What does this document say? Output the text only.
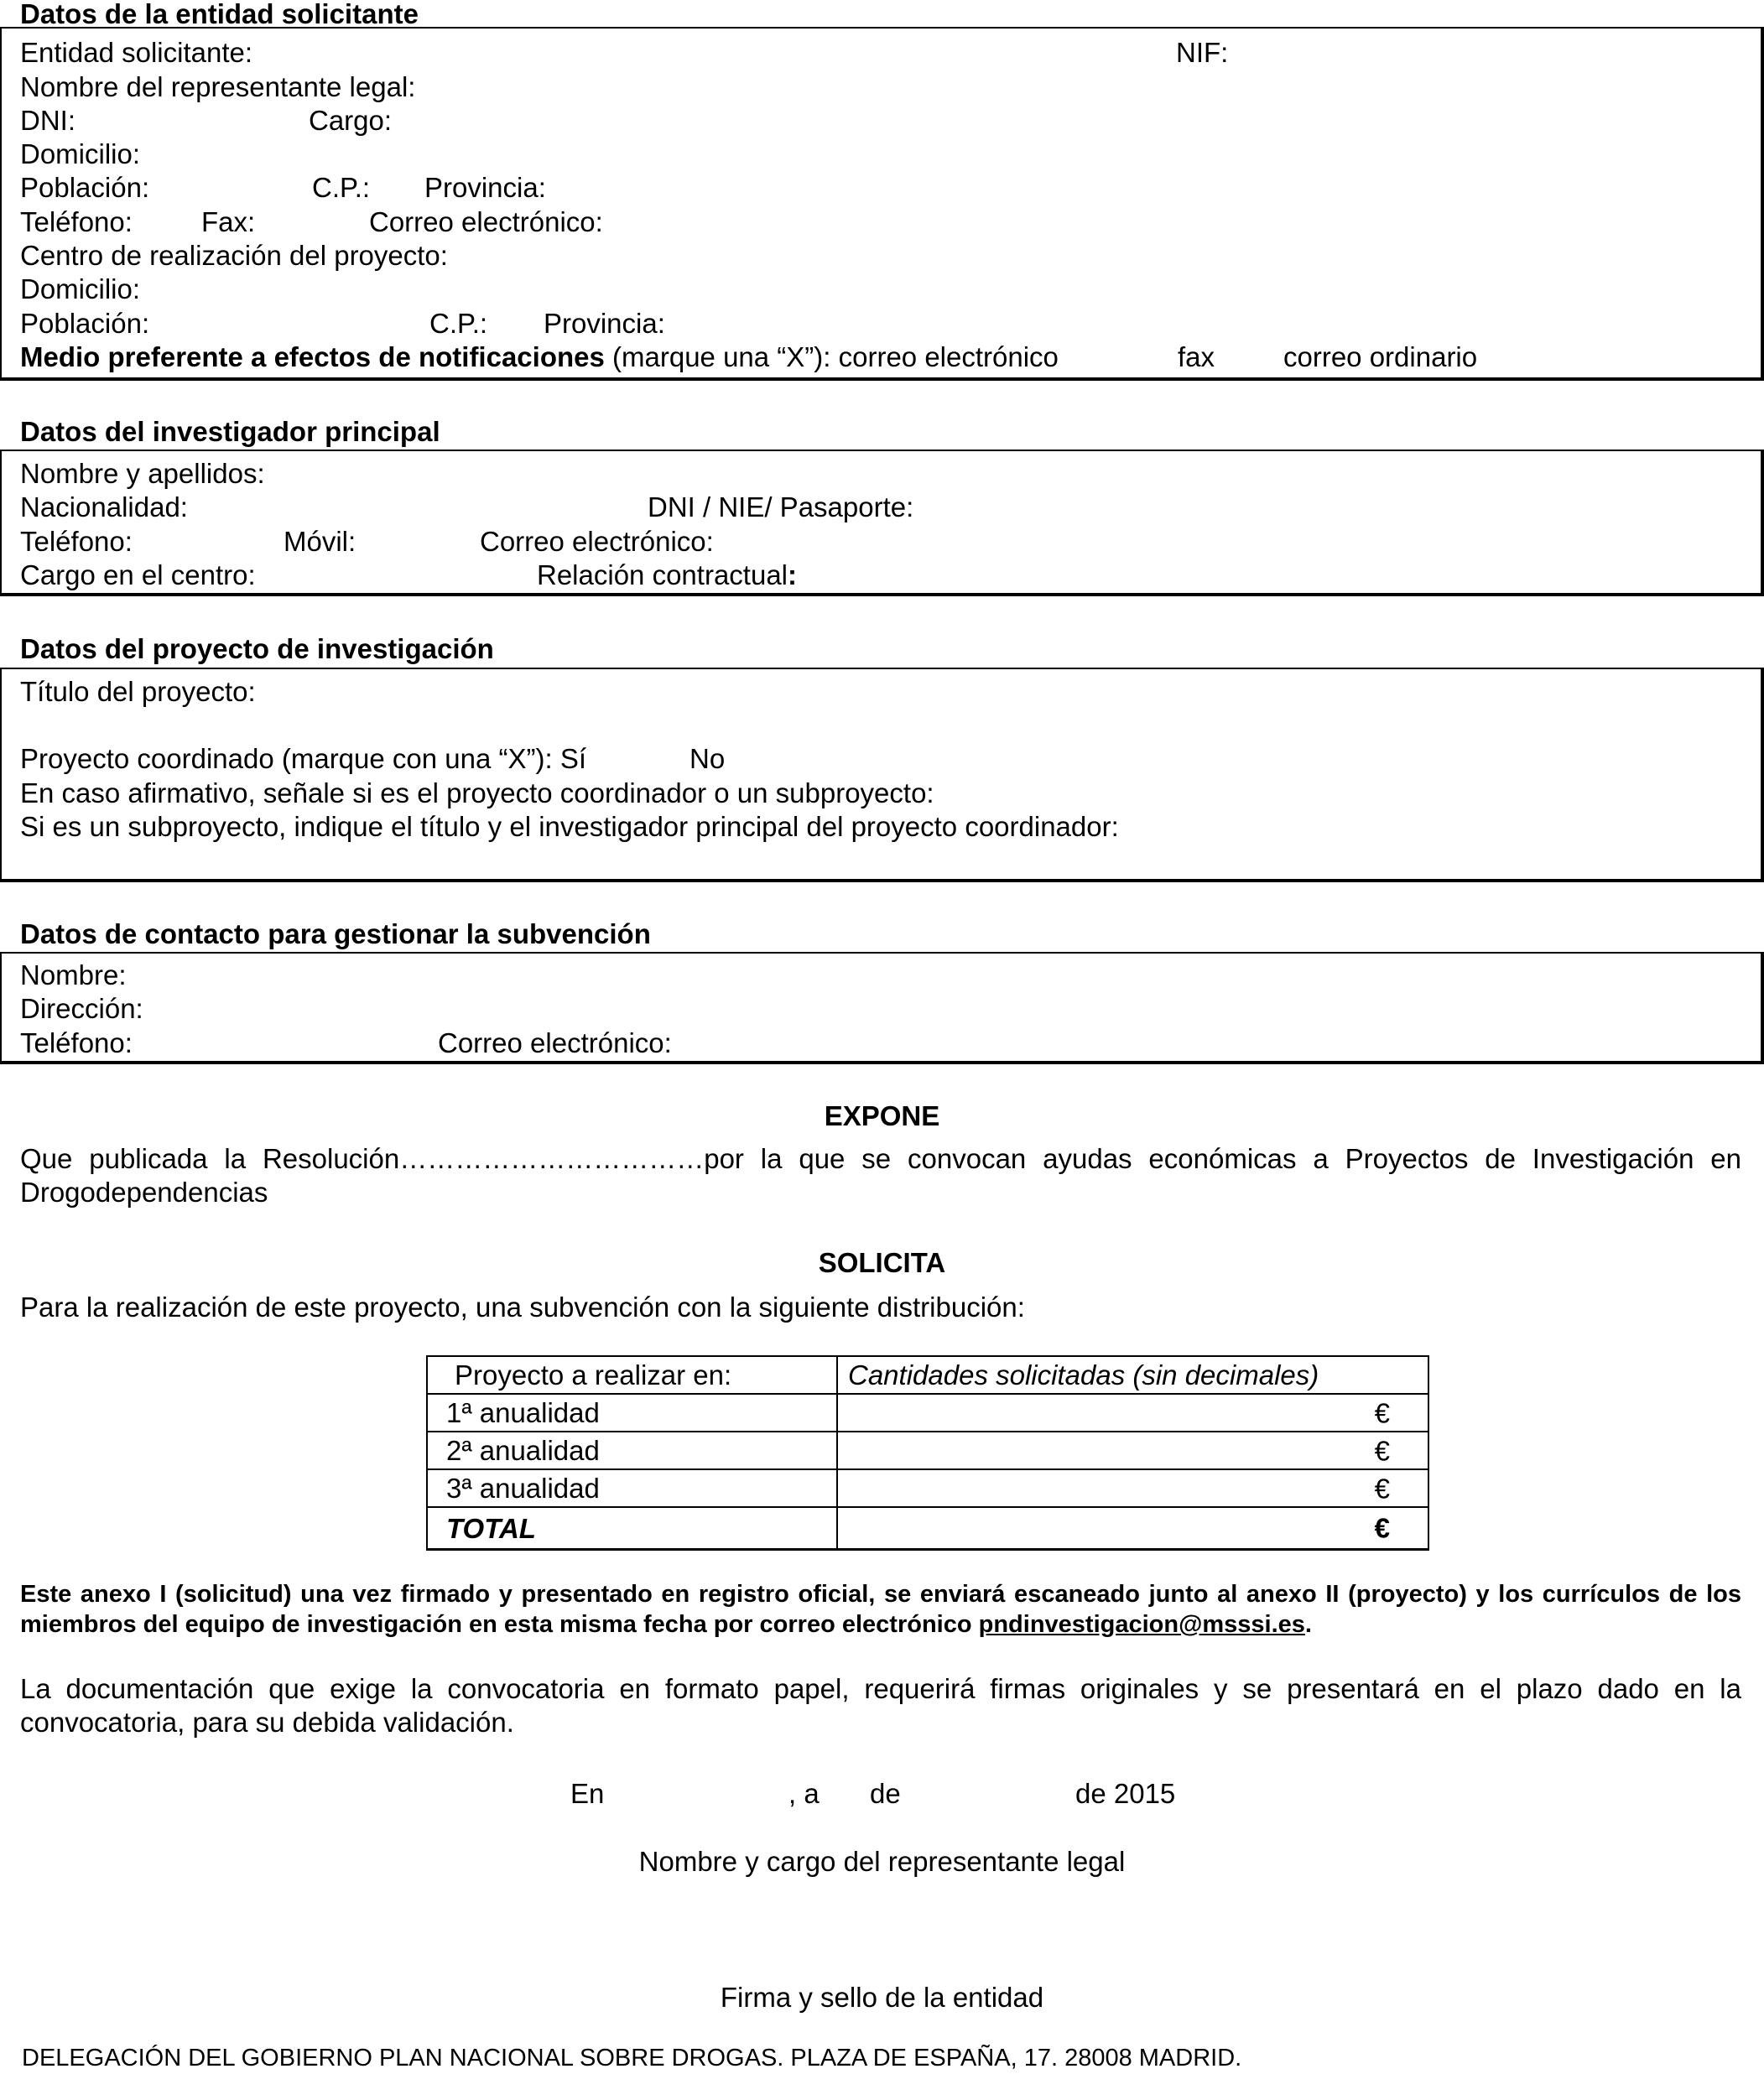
Datos de la entidad solicitante
Entidad solicitante:	NIF:
Nombre del representante legal:
DNI:	Cargo:
Domicilio:
Población:	C.P.: Provincia:
Teléfono: Fax:	Correo electrónico:
Centro de realización del proyecto:
Domicilio:
Población:	C.P.: Provincia:
Medio preferente a efectos de notificaciones (marque una “X”): correo electrónico	fax correo ordinario
Datos del investigador principal
Nombre y apellidos:
Nacionalidad:	DNI / NIE/ Pasaporte:
Teléfono:	Móvil:	Correo electrónico:
Cargo en el centro:	Relación contractual:
Datos del proyecto de investigación
Título del proyecto:
Proyecto coordinado (marque con una “X”): Sí	No
En caso afirmativo, señale si es el proyecto coordinador o un subproyecto:
Si es un subproyecto, indique el título y el investigador principal del proyecto coordinador:
Datos de contacto para gestionar la subvención
Nombre:
Dirección:
Teléfono:	Correo electrónico:
EXPONE
Que publicada la Resolución……………………………por la que se convocan ayudas económicas a Proyectos de Investigación en Drogodependencias
SOLICITA
Para la realización de este proyecto, una subvención con la siguiente distribución:
Proyecto a realizar en:	Cantidades solicitadas (sin decimales)
1ª anualidad	€

2ª anualidad	€

3ª anualidad	€

TOTAL	€
Este anexo I (solicitud) una vez firmado y presentado en registro oficial, se enviará escaneado junto al anexo II (proyecto) y los currículos de los miembros del equipo de investigación en esta misma fecha por correo electrónico pndinvestigacion@msssi.es.
La documentación que exige la convocatoria en formato papel, requerirá firmas originales y se presentará en el plazo dado en la convocatoria, para su debida validación.
En	, a de	de 2015
Nombre y cargo del representante legal
Firma y sello de la entidad
DELEGACIÓN DEL GOBIERNO PLAN NACIONAL SOBRE DROGAS. PLAZA DE ESPAÑA, 17. 28008 MADRID.
